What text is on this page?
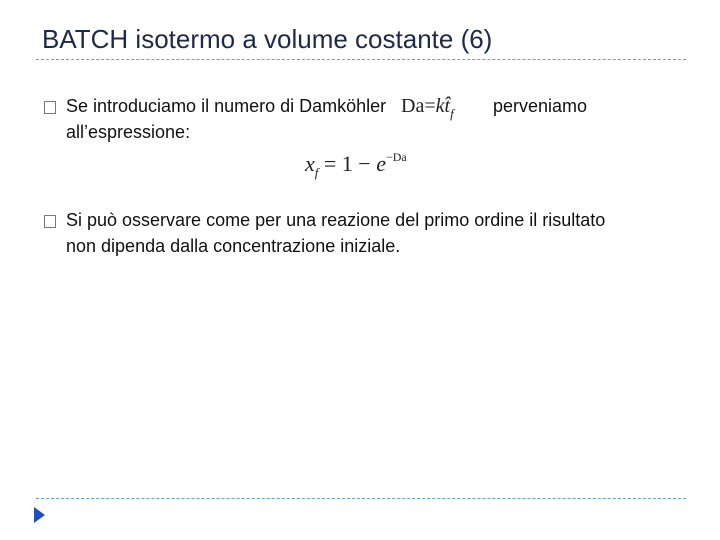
BATCH isotermo a volume costante (6)
Se introduciamo il numero di Damköhler $Da=kt̂_f$ perveniamo
all’espressione:
$x_f = 1 - e^{-Da}$
Si può osservare come per una reazione del primo ordine il risultato
non dipenda dalla concentrazione iniziale.
